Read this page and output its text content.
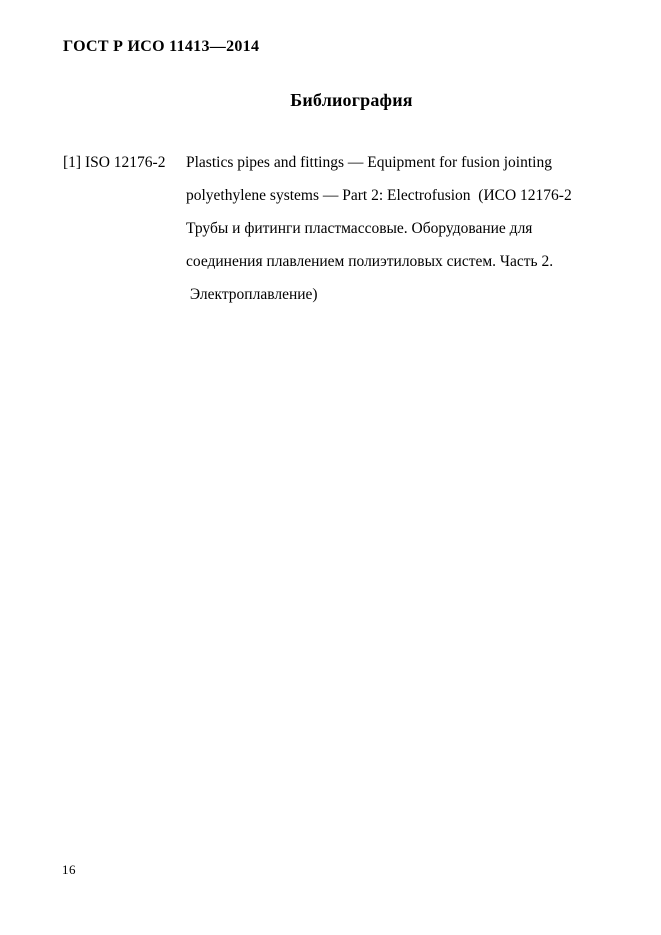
ГОСТ Р ИСО 11413—2014
Библиография
[1] ISO 12176-2	Plastics pipes and fittings — Equipment for fusion jointing
polyethylene systems — Part 2: Electrofusion  (ИСО 12176-2
Трубы и фитинги пластмассовые. Оборудование для
соединения плавлением полиэтиловых систем. Часть 2.
Электроплавление)
16
